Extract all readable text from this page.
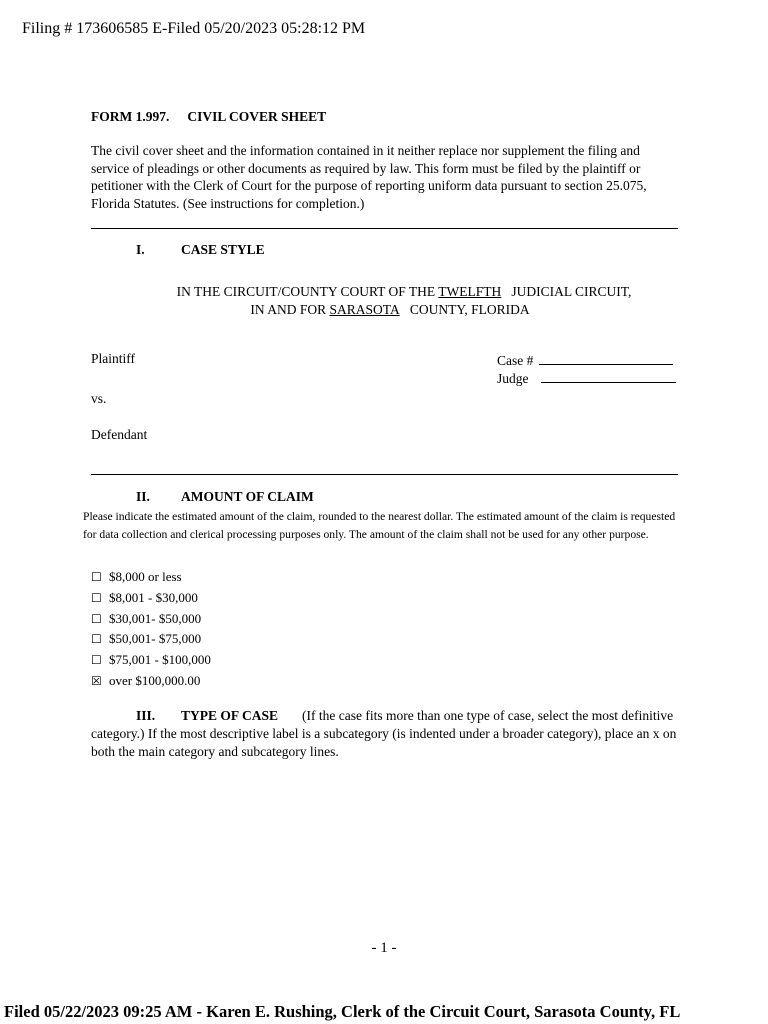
Filing # 173606585 E-Filed 05/20/2023 05:28:12 PM
FORM 1.997. CIVIL COVER SHEET
The civil cover sheet and the information contained in it neither replace nor supplement the filing and service of pleadings or other documents as required by law. This form must be filed by the plaintiff or petitioner with the Clerk of Court for the purpose of reporting uniform data pursuant to section 25.075, Florida Statutes. (See instructions for completion.)
I.	CASE STYLE
IN THE CIRCUIT/COUNTY COURT OF THE TWELFTH JUDICIAL CIRCUIT,
IN AND FOR SARASOTA COUNTY, FLORIDA
Plaintiff	Case #
Judge
vs.
Defendant
II. AMOUNT OF CLAIM
Please indicate the estimated amount of the claim, rounded to the nearest dollar. The estimated amount of the claim is requested for data collection and clerical processing purposes only. The amount of the claim shall not be used for any other purpose.
☐ $8,000 or less
☐ $8,001 - $30,000
☐ $30,001- $50,000
☐ $50,001- $75,000
☐ $75,001 - $100,000
☒ over $100,000.00
III. TYPE OF CASE (If the case fits more than one type of case, select the most definitive category.) If the most descriptive label is a subcategory (is indented under a broader category), place an x on both the main category and subcategory lines.
- 1 -
Filed 05/22/2023 09:25 AM - Karen E. Rushing, Clerk of the Circuit Court, Sarasota County, FL
